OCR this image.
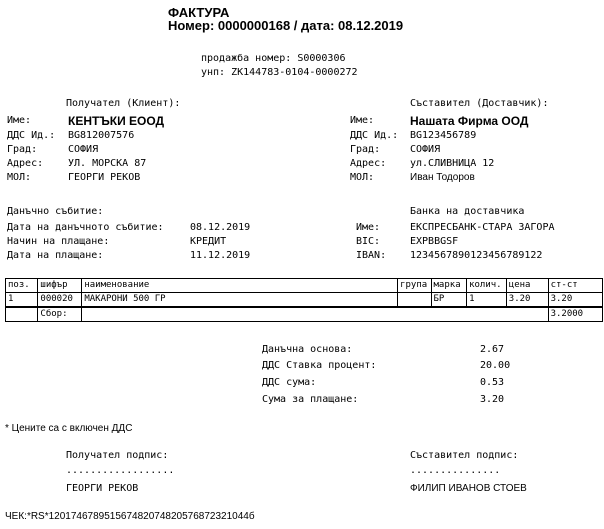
ФАКТУРА
Номер: 0000000168 / дата: 08.12.2019
продажба номер: S0000306
унп: ZK144783-0104-0000272
Получател (Клиент):
Име:	КЕНТЪКИ ЕООД
ДДС Ид.: BG812007576
Град:	СОФИЯ
Адрес: УЛ. МОРСКА 87
МОЛ:	ГЕОРГИ РЕКОВ
Съставител (Доставчик):
Име:	Нашата Фирма ООД
ДДС Ид.: BG123456789
Град:	СОФИЯ
Адрес: ул.СЛИВНИЦА 12
МОЛ:	Иван Тодоров
Данъчно събитие:
Дата на данъчното събитие:	08.12.2019
Начин на плащане:	КРЕДИТ
Дата на плащане:	11.12.2019
Банка на доставчика
Име:	ЕКСПРЕСБАНК-СТАРА ЗАГОРА
BIC:	EXPBBGSF
IBAN: 1234567890123456789122
поз.	шифър	наименование	група	марка	колич.	цена	ст-ст
1	000020	МАКАРОНИ 500 ГР		БР	1	3.20	3.20
	Сбор:						3.2000
Данъчна основа:	2.67
ДДС Ставка процент:	20.00
ДДС сума:	0.53
Сума за плащане:	3.20
* Цените са с включен ДДС
Получател подпис:
..................
ГЕОРГИ РЕКОВ
Съставител подпис:
...............
ФИЛИП ИВАНОВ СТОЕВ
ЧЕК:*RS*120174678951567482074820576872321044б
